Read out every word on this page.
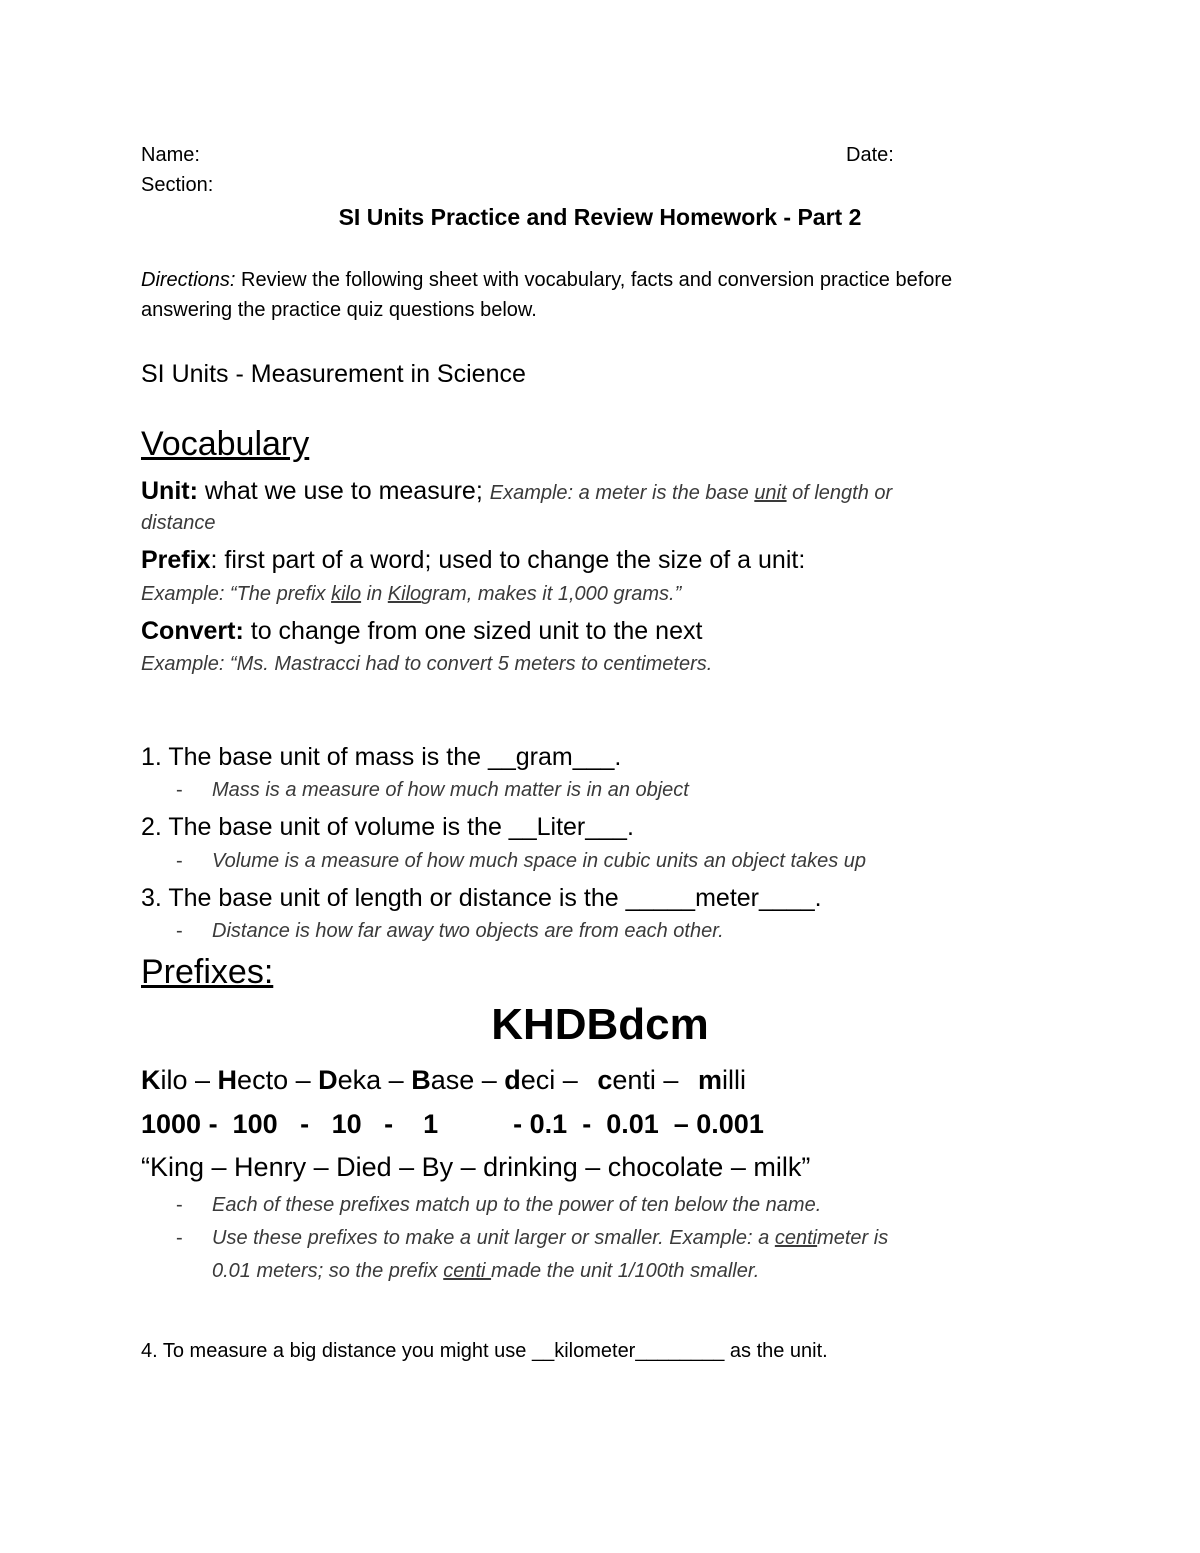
Name:	Date:
Section:
SI Units Practice and Review Homework - Part 2
Directions: Review the following sheet with vocabulary, facts and conversion practice before
answering the practice quiz questions below.
SI Units - Measurement in Science
Vocabulary
Unit: what we use to measure; Example: a meter is the base unit of length or
distance
Prefix: first part of a word; used to change the size of a unit:
Example: “The prefix kilo in Kilogram, makes it 1,000 grams.”
Convert: to change from one sized unit to the next
Example: “Ms. Mastracci had to convert 5 meters to centimeters.
1. The base unit of mass is the __gram___.
- Mass is a measure of how much matter is in an object
2. The base unit of volume is the __Liter___.
- Volume is a measure of how much space in cubic units an object takes up
3. The base unit of length or distance is the _____meter____.
- Distance is how far away two objects are from each other.
Prefixes:
KHDBdcm
Kilo – Hecto – Deka – Base – deci – centi – milli
1000 -  100   -   10   -    1          - 0.1  -  0.01  – 0.001
“King – Henry – Died – By – drinking – chocolate – milk”
- Each of these prefixes match up to the power of ten below the name.
- Use these prefixes to make a unit larger or smaller. Example: a centimeter is
0.01 meters; so the prefix centi made the unit 1/100th smaller.
4. To measure a big distance you might use __kilometer________ as the unit.
